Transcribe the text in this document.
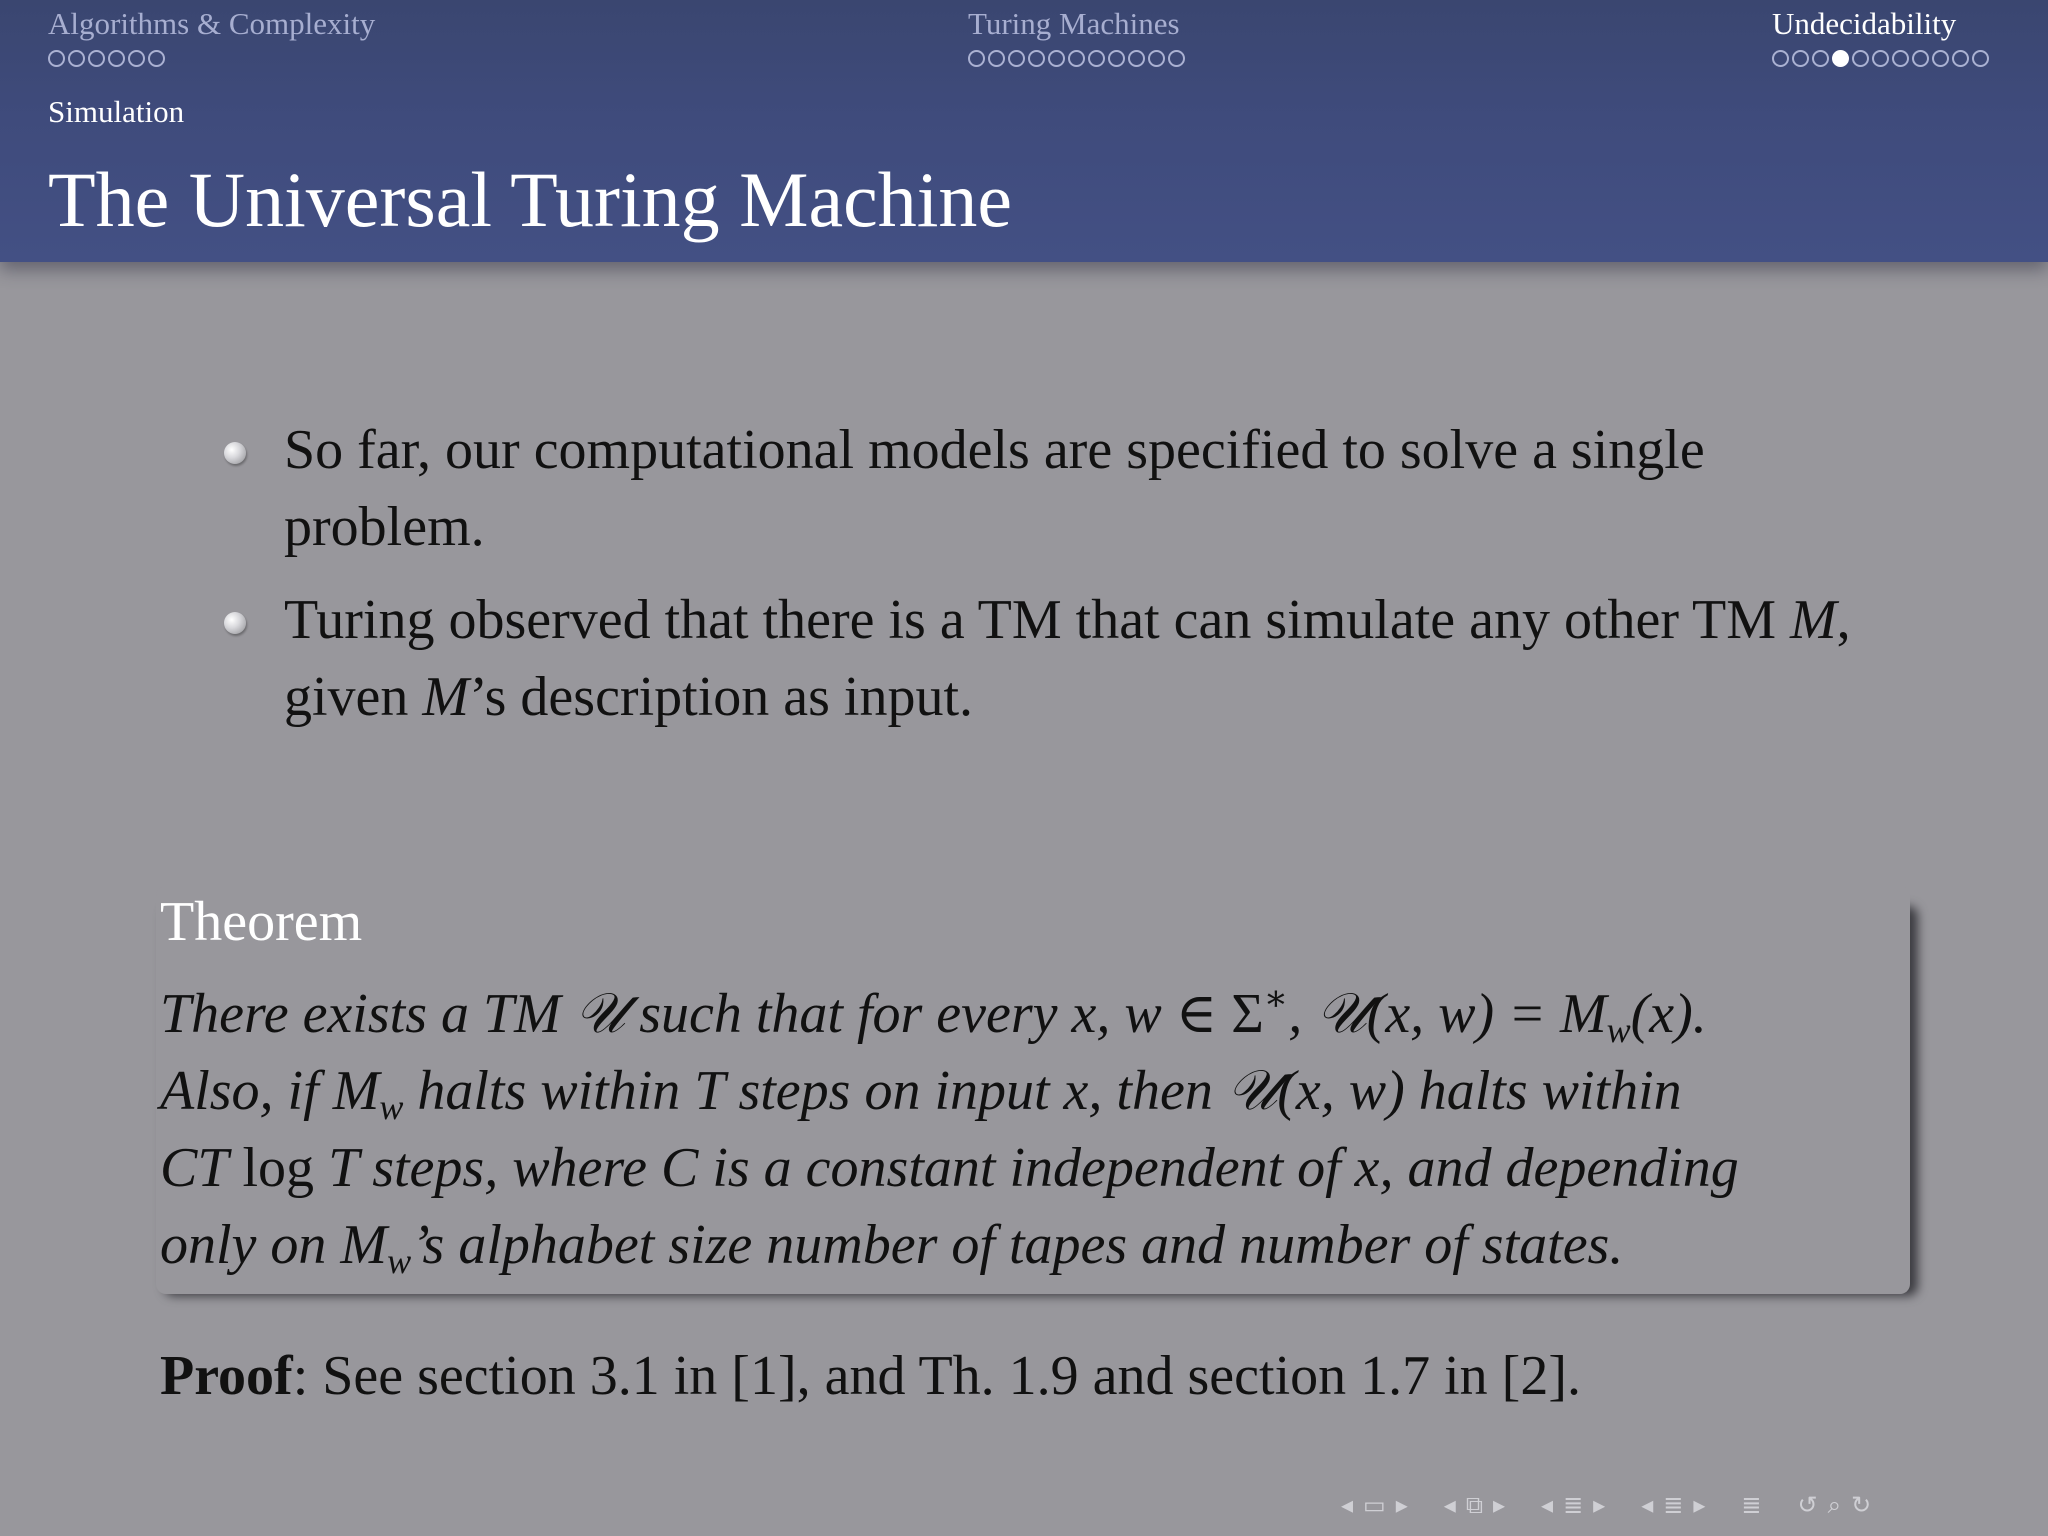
Algorithms & Complexity	Turing Machines	Undecidability
Simulation
The Universal Turing Machine
So far, our computational models are specified to solve a single problem.
Turing observed that there is a TM that can simulate any other TM M, given M’s description as input.
Theorem
There exists a TM 𝒰 such that for every x, w ∈ Σ∗, 𝒰(x, $w) = M_w(x)$.
Also, if $M_w$ halts within T steps on input x, then 𝒰(x, w) halts within
CT log T steps, where C is a constant independent of x, and depending
only on $M_w’s$ alphabet size number of tapes and number of states.
Proof: See section 3.1 in [1], and Th. 1.9 and section 1.7 in [2].
◂ ▭ ▸ ◂ ⧉ ▸ ◂ ≣ ▸ ◂ ≣ ▸ ≣ ↺ ⌕ ↻
